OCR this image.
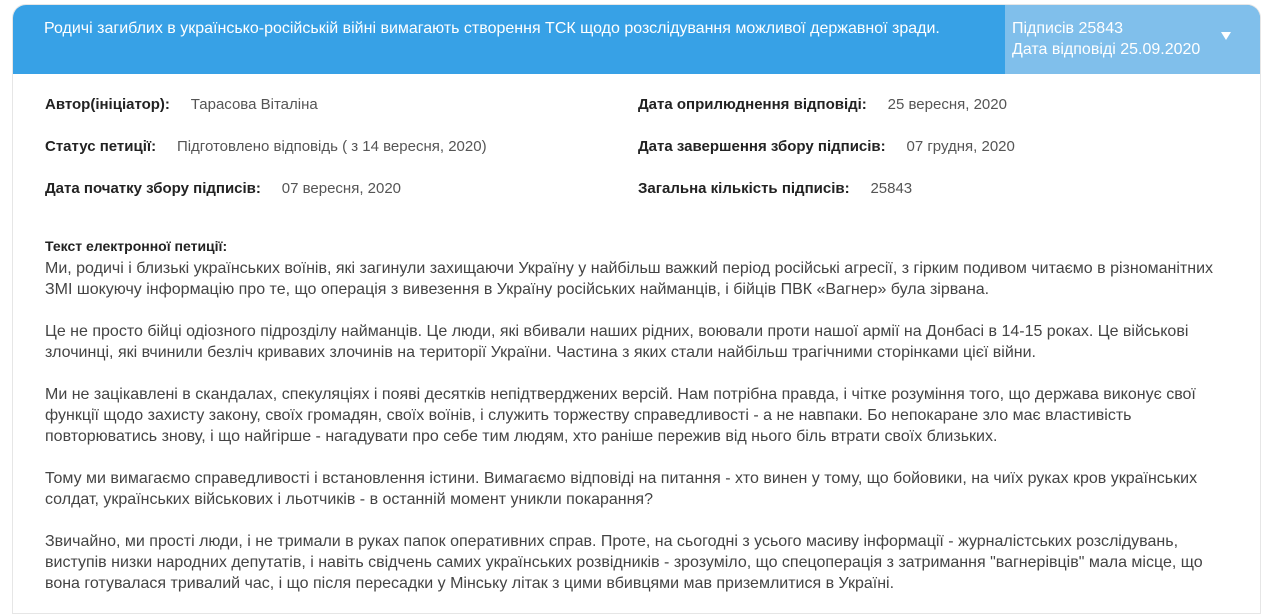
Родичі загиблих в українсько-російській війні вимагають створення ТСК щодо розслідування можливої державної зради.	Підписів 25843
Дата відповіді 25.09.2020
Автор(ініціатор): Тарасова Віталіна
Статус петиції: Підготовлено відповідь ( з 14 вересня, 2020)
Дата початку збору підписів: 07 вересня, 2020
Дата оприлюднення відповіді: 25 вересня, 2020
Дата завершення збору підписів: 07 грудня, 2020
Загальна кількість підписів: 25843
Текст електронної петиції:

Ми, родичі і близькі українських воїнів, які загинули захищаючи Україну у найбільш важкий період російські агресії, з гірким подивом читаємо в різноманітних ЗМІ шокуючу інформацію про те, що операція з вивезення в Україну російських найманців, і бійців ПВК «Вагнер» була зірвана.

Це не просто бійці одіозного підрозділу найманців. Це люди, які вбивали наших рідних, воювали проти нашої армії на Донбасі в 14-15 роках. Це військові злочинці, які вчинили безліч кривавих злочинів на території України. Частина з яких стали найбільш трагічними сторінками цієї війни.

Ми не зацікавлені в скандалах, спекуляціях і появі десятків непідтверджених версій. Нам потрібна правда, і чітке розуміння того, що держава виконує свої функції щодо захисту закону, своїх громадян, своїх воїнів, і служить торжеству справедливості - а не навпаки. Бо непокаране зло має властивість повторюватись знову, і що найгірше - нагадувати про себе тим людям, хто раніше пережив від нього біль втрати своїх близьких.

Тому ми вимагаємо справедливості і встановлення істини. Вимагаємо відповіді на питання - хто винен у тому, що бойовики, на чиїх руках кров українських солдат, українських військових і льотчиків - в останній момент уникли покарання?

Звичайно, ми прості люди, і не тримали в руках папок оперативних справ. Проте, на сьогодні з усього масиву інформації - журналістських розслідувань, виступів низки народних депутатів, і навіть свідчень самих українських розвідників - зрозуміло, що спецоперація з затримання "вагнерівців" мала місце, що вона готувалася тривалий час, і що після пересадки у Мінську літак з цими вбивцями мав приземлитися в Україні.
